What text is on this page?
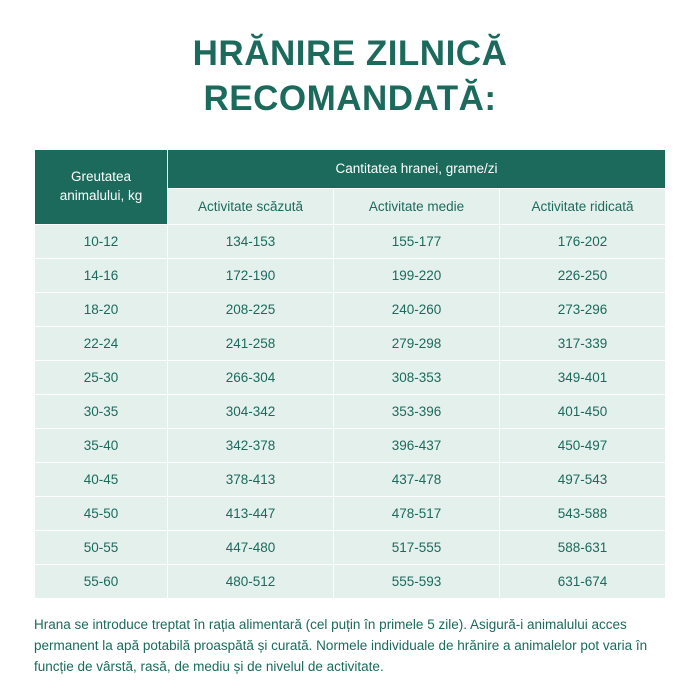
HRĂNIRE ZILNICĂ
RECOMANDATĂ:
Greutatea animalului, kg	Cantitatea hranei, grame/zi		
	Activitate scăzută	Activitate medie	Activitate ridicată
10-12	134-153	155-177	176-202
14-16	172-190	199-220	226-250
18-20	208-225	240-260	273-296
22-24	241-258	279-298	317-339
25-30	266-304	308-353	349-401
30-35	304-342	353-396	401-450
35-40	342-378	396-437	450-497
40-45	378-413	437-478	497-543
45-50	413-447	478-517	543-588
50-55	447-480	517-555	588-631
55-60	480-512	555-593	631-674
Hrana se introduce treptat în rația alimentară (cel puțin în primele 5 zile). Asigură-i animalului acces permanent la apă potabilă proaspătă și curată. Normele individuale de hrănire a animalelor pot varia în funcție de vârstă, rasă, de mediu și de nivelul de activitate.
